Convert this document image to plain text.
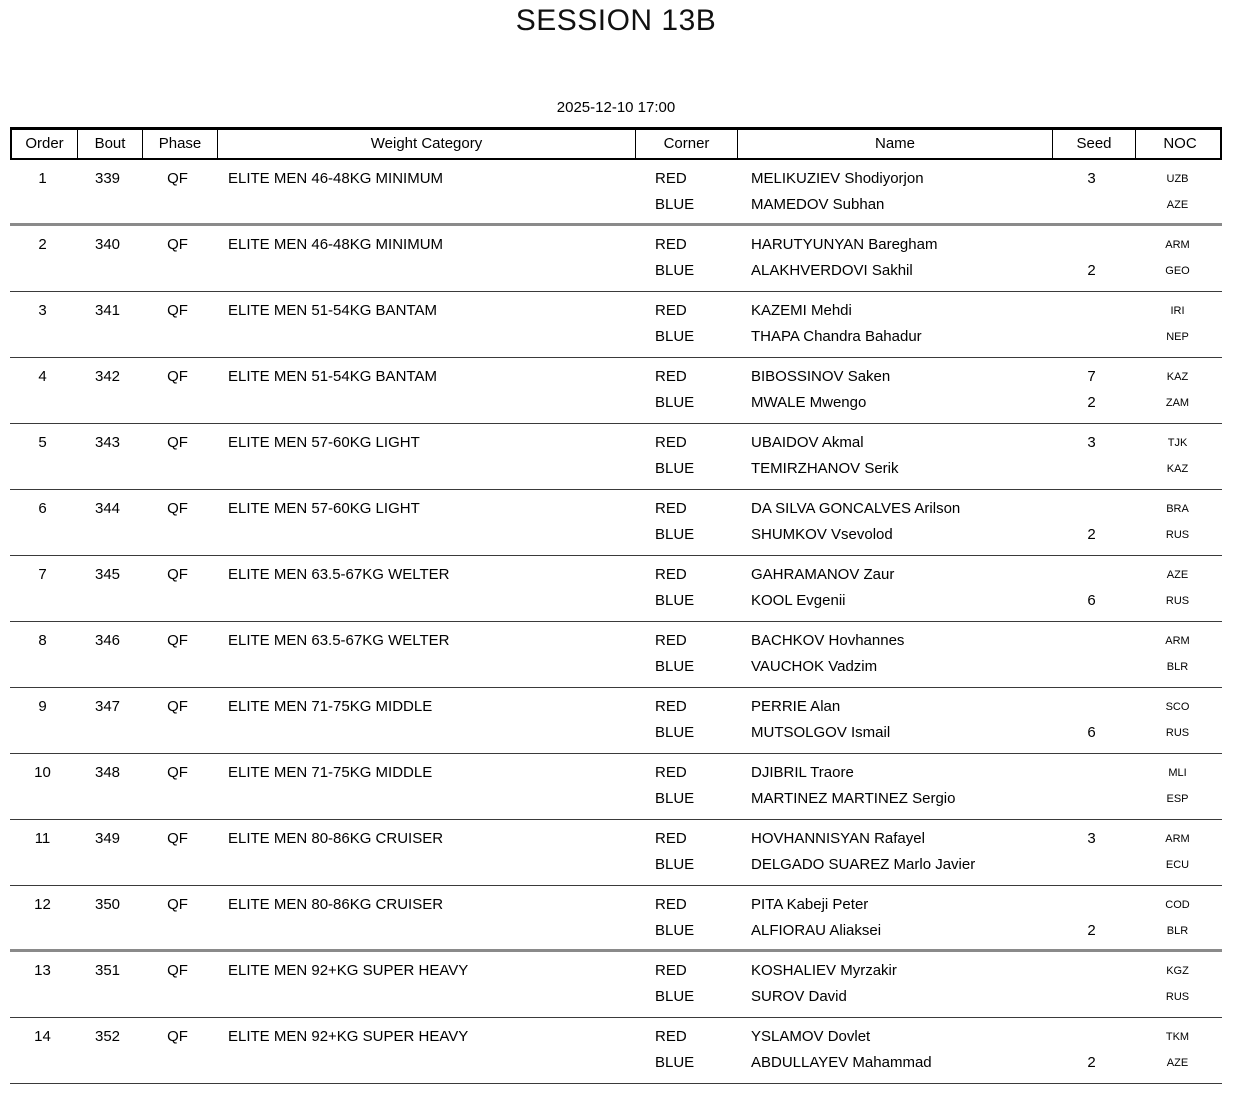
SESSION 13B
2025-12-10 17:00
Order	Bout	Phase	Weight Category	Corner	Name	Seed	NOC
1	339	QF	ELITE MEN 46-48KG MINIMUM	RED	MELIKUZIEV Shodiyorjon	3	UZB
BLUE	MAMEDOV Subhan	AZE
2	340	QF	ELITE MEN 46-48KG MINIMUM	RED	HARUTYUNYAN Baregham	ARM
BLUE	ALAKHVERDOVI Sakhil	2	GEO
3	341	QF	ELITE MEN 51-54KG BANTAM	RED	KAZEMI Mehdi	IRI
BLUE	THAPA Chandra Bahadur	NEP
4	342	QF	ELITE MEN 51-54KG BANTAM	RED	BIBOSSINOV Saken	7	KAZ
BLUE	MWALE Mwengo	2	ZAM
5	343	QF	ELITE MEN 57-60KG LIGHT	RED	UBAIDOV Akmal	3	TJK
BLUE	TEMIRZHANOV Serik	KAZ
6	344	QF	ELITE MEN 57-60KG LIGHT	RED	DA SILVA GONCALVES Arilson	BRA
BLUE	SHUMKOV Vsevolod	2	RUS
7	345	QF	ELITE MEN 63.5-67KG WELTER	RED	GAHRAMANOV Zaur	AZE
BLUE	KOOL Evgenii	6	RUS
8	346	QF	ELITE MEN 63.5-67KG WELTER	RED	BACHKOV Hovhannes	ARM
BLUE	VAUCHOK Vadzim	BLR
9	347	QF	ELITE MEN 71-75KG MIDDLE	RED	PERRIE Alan	SCO
BLUE	MUTSOLGOV Ismail	6	RUS
10	348	QF	ELITE MEN 71-75KG MIDDLE	RED	DJIBRIL Traore	MLI
BLUE	MARTINEZ MARTINEZ Sergio	ESP
11	349	QF	ELITE MEN 80-86KG CRUISER	RED	HOVHANNISYAN Rafayel	3	ARM
BLUE	DELGADO SUAREZ Marlo Javier	ECU
12	350	QF	ELITE MEN 80-86KG CRUISER	RED	PITA Kabeji Peter	COD
BLUE	ALFIORAU Aliaksei	2	BLR
13	351	QF	ELITE MEN 92+KG SUPER HEAVY	RED	KOSHALIEV Myrzakir	KGZ
BLUE	SUROV David	RUS
14	352	QF	ELITE MEN 92+KG SUPER HEAVY	RED	YSLAMOV Dovlet	TKM
BLUE	ABDULLAYEV Mahammad	2	AZE
